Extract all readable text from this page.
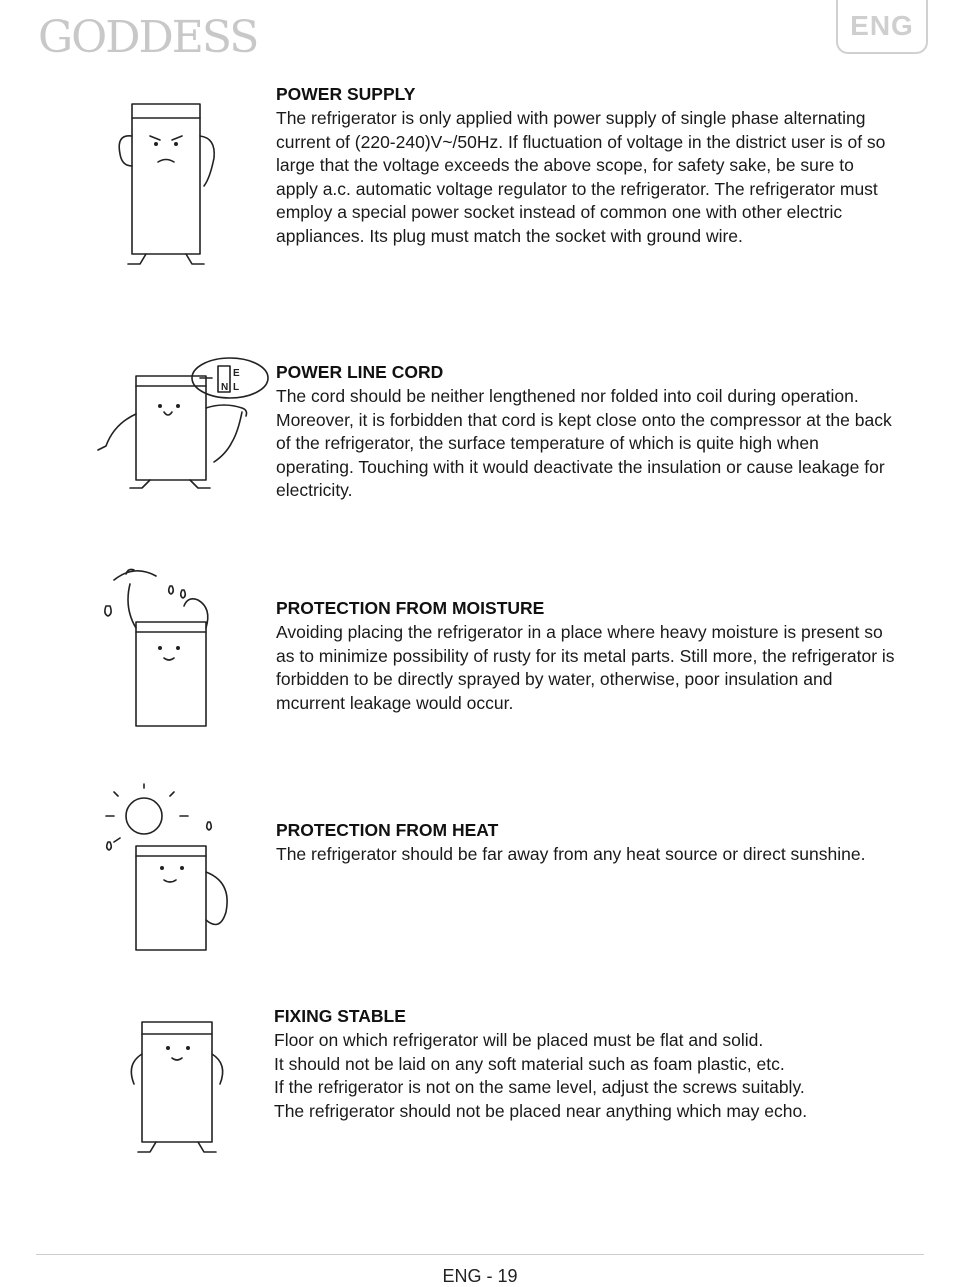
GODDESS	ENG

POWER SUPPLY

The refrigerator is only applied with power supply of single phase alternating current of (220-240)V~/50Hz. If fluctuation of voltage in the district user is of so large that the voltage exceeds the above scope, for safety sake, be sure to apply a.c. automatic voltage regulator to the refrigerator. The refrigerator must employ a special power socket instead of common one with other electric appliances. Its plug must match the socket with ground wire.

E
N L

POWER LINE CORD

The cord should be neither lengthened nor folded into coil during operation. Moreover, it is forbidden that cord is kept close onto the compressor at the back of the refrigerator, the surface temperature of which is quite high when operating. Touching with it would deactivate the insulation or cause leakage for electricity.

PROTECTION FROM MOISTURE

Avoiding placing the refrigerator in a place where heavy moisture is present so as to minimize possibility of rusty for its metal parts. Still more, the refrigerator is forbidden to be directly sprayed by water, otherwise, poor insulation and mcurrent leakage would occur.

PROTECTION FROM HEAT

The refrigerator should be far away from any heat source or direct sunshine.

FIXING STABLE

Floor on which refrigerator will be placed must be flat and solid.

It should not be laid on any soft material such as foam plastic, etc.

If the refrigerator is not on the same level, adjust the screws suitably.

The refrigerator should not be placed near anything which may echo.

ENG - 19
